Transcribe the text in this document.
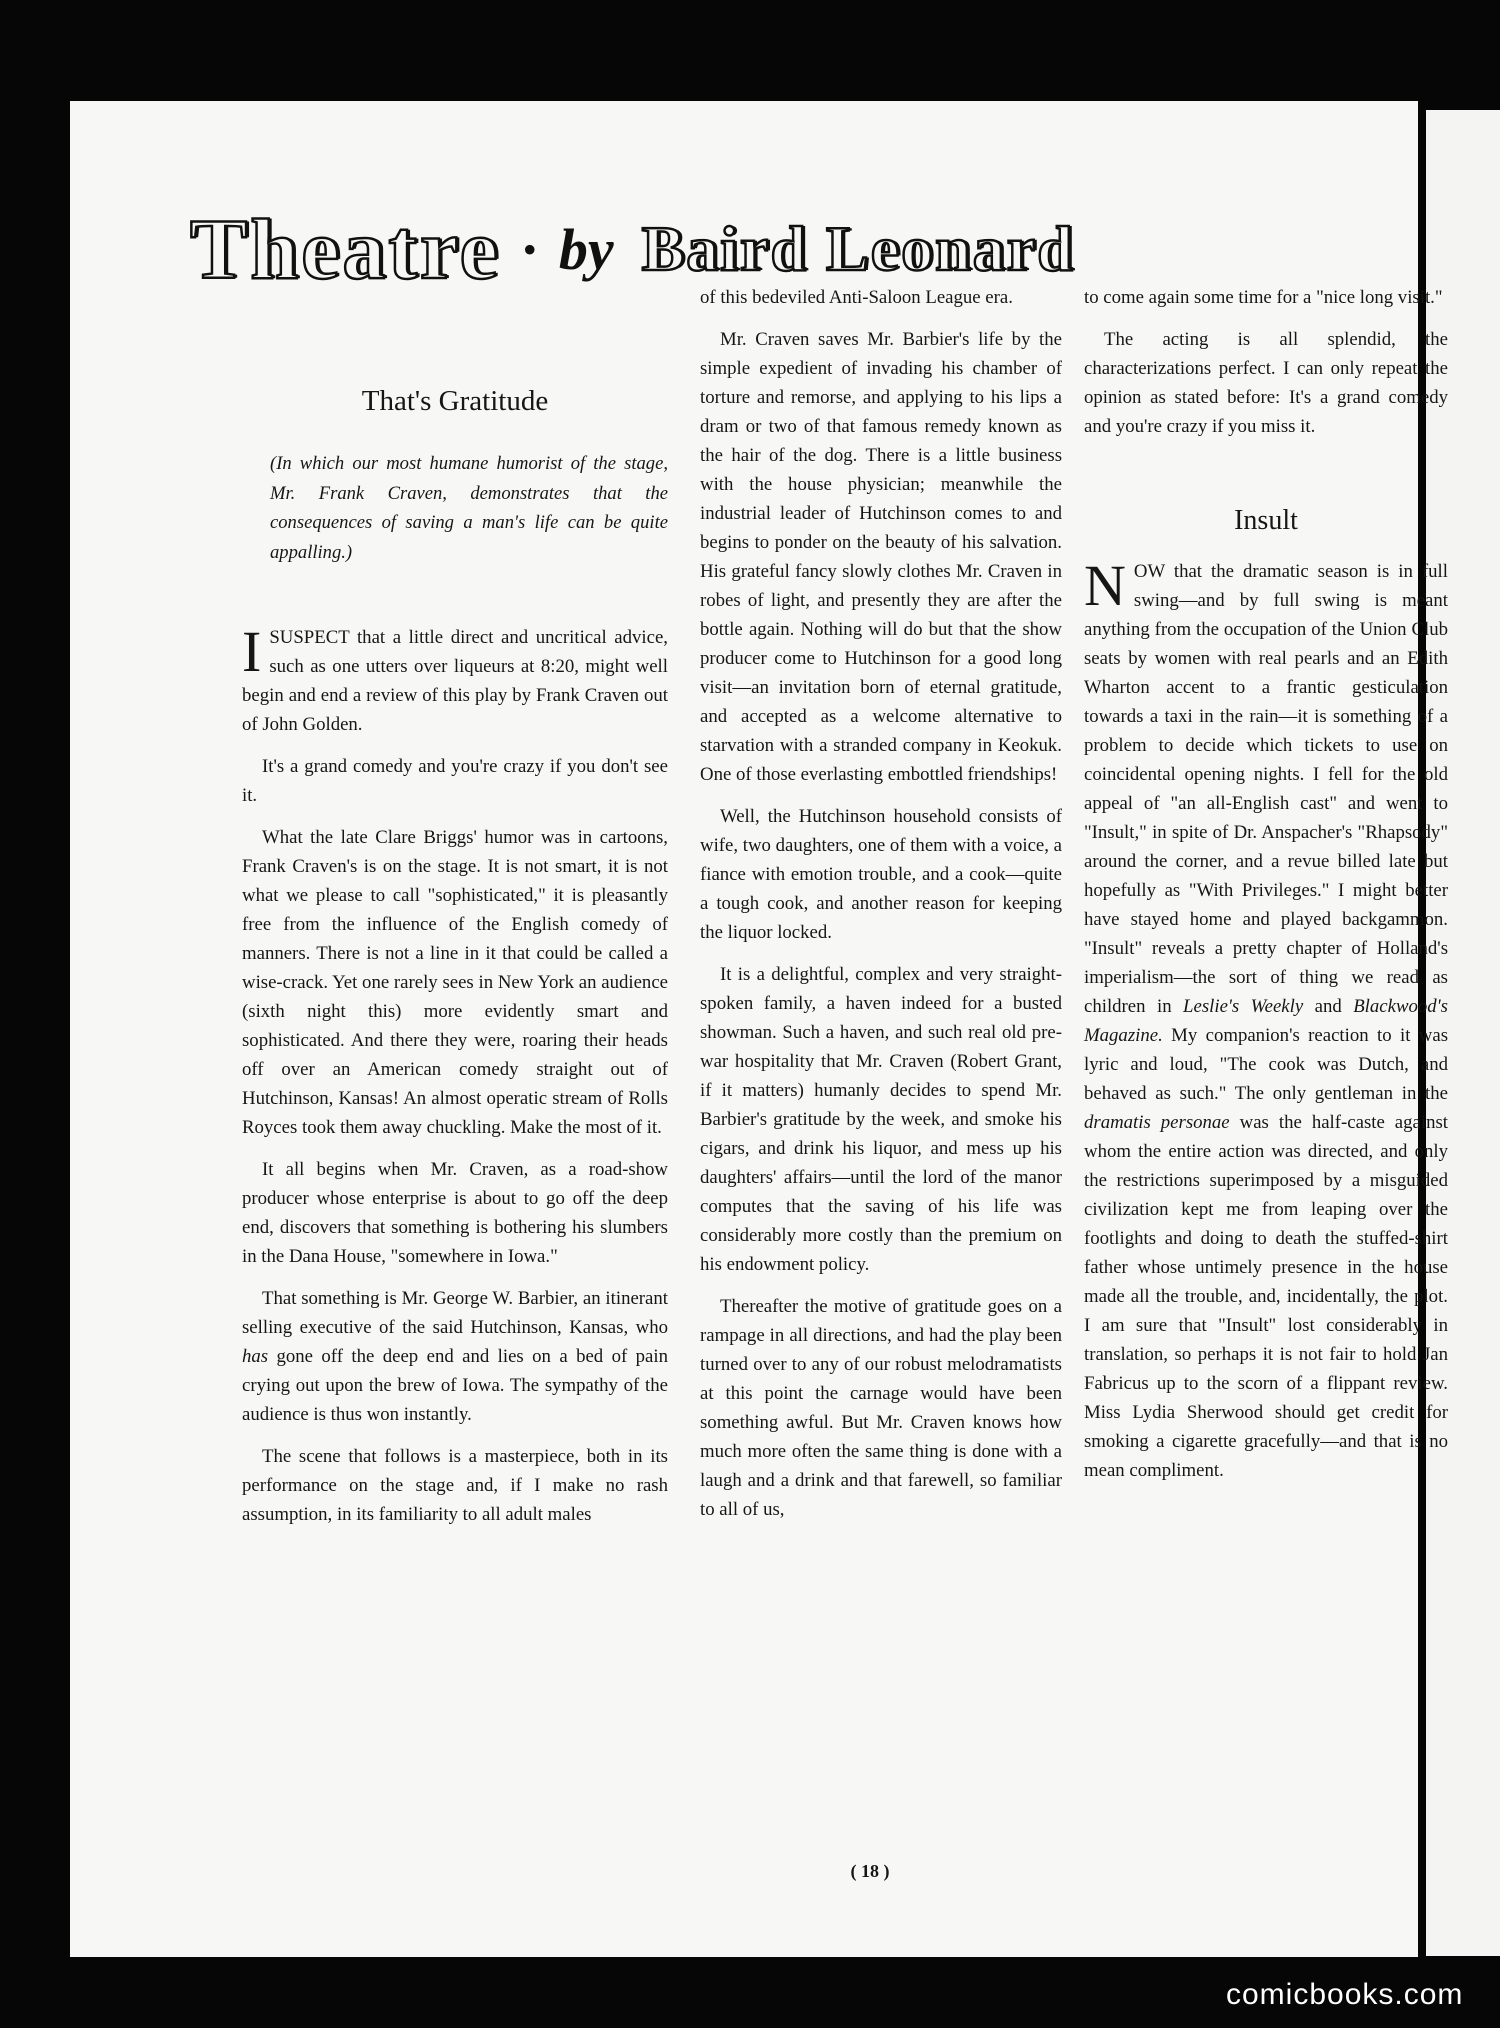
Theatre • by Baird Leonard
That's Gratitude
(In which our most humane humorist of the stage, Mr. Frank Craven, demonstrates that the consequences of saving a man's life can be quite appalling.)

ISUSPECT that a little direct and uncritical advice, such as one utters over liqueurs at 8:20, might well begin and end a review of this play by Frank Craven out of John Golden.

It's a grand comedy and you're crazy if you don't see it.

What the late Clare Briggs' humor was in cartoons, Frank Craven's is on the stage. It is not smart, it is not what we please to call "sophisticated," it is pleasantly free from the influence of the English comedy of manners. There is not a line in it that could be called a wise-crack. Yet one rarely sees in New York an audience (sixth night this) more evidently smart and sophisticated. And there they were, roaring their heads off over an American comedy straight out of Hutchinson, Kansas! An almost operatic stream of Rolls Royces took them away chuckling. Make the most of it.

It all begins when Mr. Craven, as a road-show producer whose enterprise is about to go off the deep end, discovers that something is bothering his slumbers in the Dana House, "somewhere in Iowa."

That something is Mr. George W. Barbier, an itinerant selling executive of the said Hutchinson, Kansas, who has gone off the deep end and lies on a bed of pain crying out upon the brew of Iowa. The sympathy of the audience is thus won instantly.

The scene that follows is a masterpiece, both in its performance on the stage and, if I make no rash assumption, in its familiarity to all adult males

of this bedeviled Anti-Saloon League era.

Mr. Craven saves Mr. Barbier's life by the simple expedient of invading his chamber of torture and remorse, and applying to his lips a dram or two of that famous remedy known as the hair of the dog. There is a little business with the house physician; meanwhile the industrial leader of Hutchinson comes to and begins to ponder on the beauty of his salvation. His grateful fancy slowly clothes Mr. Craven in robes of light, and presently they are after the bottle again. Nothing will do but that the show producer come to Hutchinson for a good long visit—an invitation born of eternal gratitude, and accepted as a welcome alternative to starvation with a stranded company in Keokuk. One of those everlasting embottled friendships!

Well, the Hutchinson household consists of wife, two daughters, one of them with a voice, a fiance with emotion trouble, and a cook—quite a tough cook, and another reason for keeping the liquor locked.

It is a delightful, complex and very straight-spoken family, a haven indeed for a busted showman. Such a haven, and such real old pre-war hospitality that Mr. Craven (Robert Grant, if it matters) humanly decides to spend Mr. Barbier's gratitude by the week, and smoke his cigars, and drink his liquor, and mess up his daughters' affairs—until the lord of the manor computes that the saving of his life was considerably more costly than the premium on his endowment policy.

Thereafter the motive of gratitude goes on a rampage in all directions, and had the play been turned over to any of our robust melodramatists at this point the carnage would have been something awful. But Mr. Craven knows how much more often the same thing is done with a laugh and a drink and that farewell, so familiar to all of us,

to come again some time for a "nice long visit."

The acting is all splendid, the characterizations perfect. I can only repeat the opinion as stated before: It's a grand comedy and you're crazy if you miss it.

Insult

NOW that the dramatic season is in full swing—and by full swing is meant anything from the occupation of the Union Club seats by women with real pearls and an Edith Wharton accent to a frantic gesticulation towards a taxi in the rain—it is something of a problem to decide which tickets to use on coincidental opening nights. I fell for the old appeal of "an all-English cast" and went to "Insult," in spite of Dr. Anspacher's "Rhapsody" around the corner, and a revue billed late but hopefully as "With Privileges." I might better have stayed home and played backgammon. "Insult" reveals a pretty chapter of Holland's imperialism—the sort of thing we read as children in Leslie's Weekly and Blackwood's Magazine. My companion's reaction to it was lyric and loud, "The cook was Dutch, and behaved as such." The only gentleman in the dramatis personae was the half-caste against whom the entire action was directed, and only the restrictions superimposed by a misguided civilization kept me from leaping over the footlights and doing to death the stuffed-shirt father whose untimely presence in the house made all the trouble, and, incidentally, the plot. I am sure that "Insult" lost considerably in translation, so perhaps it is not fair to hold Jan Fabricus up to the scorn of a flippant review. Miss Lydia Sherwood should get credit for smoking a cigarette gracefully—and that is no mean compliment.

( 18 )
comicbooks.com
